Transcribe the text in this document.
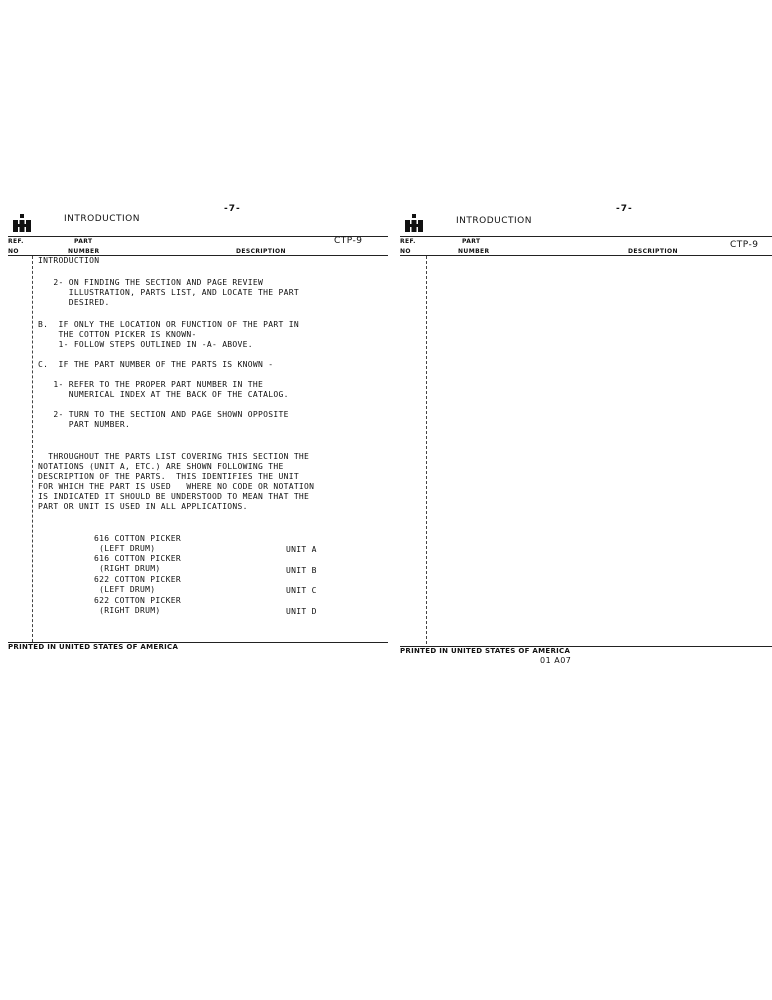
-7-
INTRODUCTION
REF.	PART	CTP-9
NO	NUMBER	DESCRIPTION
INTRODUCTION
2- ON FINDING THE SECTION AND PAGE REVIEW
ILLUSTRATION, PARTS LIST, AND LOCATE THE PART
DESIRED.
B.  IF ONLY THE LOCATION OR FUNCTION OF THE PART IN
THE COTTON PICKER IS KNOWN-
1- FOLLOW STEPS OUTLINED IN -A- ABOVE.
C.  IF THE PART NUMBER OF THE PARTS IS KNOWN -
1- REFER TO THE PROPER PART NUMBER IN THE
NUMERICAL INDEX AT THE BACK OF THE CATALOG.
2- TURN TO THE SECTION AND PAGE SHOWN OPPOSITE
PART NUMBER.
THROUGHOUT THE PARTS LIST COVERING THIS SECTION THE
NOTATIONS (UNIT A, ETC.) ARE SHOWN FOLLOWING THE
DESCRIPTION OF THE PARTS.  THIS IDENTIFIES THE UNIT
FOR WHICH THE PART IS USED   WHERE NO CODE OR NOTATION
IS INDICATED IT SHOULD BE UNDERSTOOD TO MEAN THAT THE
PART OR UNIT IS USED IN ALL APPLICATIONS.
616 COTTON PICKER
(LEFT DRUM)	UNIT A
616 COTTON PICKER
(RIGHT DRUM)	UNIT B
622 COTTON PICKER
(LEFT DRUM)	UNIT C
622 COTTON PICKER
(RIGHT DRUM)	UNIT D
PRINTED IN UNITED STATES OF AMERICA
-7-
INTRODUCTION
REF.	PART	CTP-9
NO	NUMBER	DESCRIPTION
PRINTED IN UNITED STATES OF AMERICA
01 A07
